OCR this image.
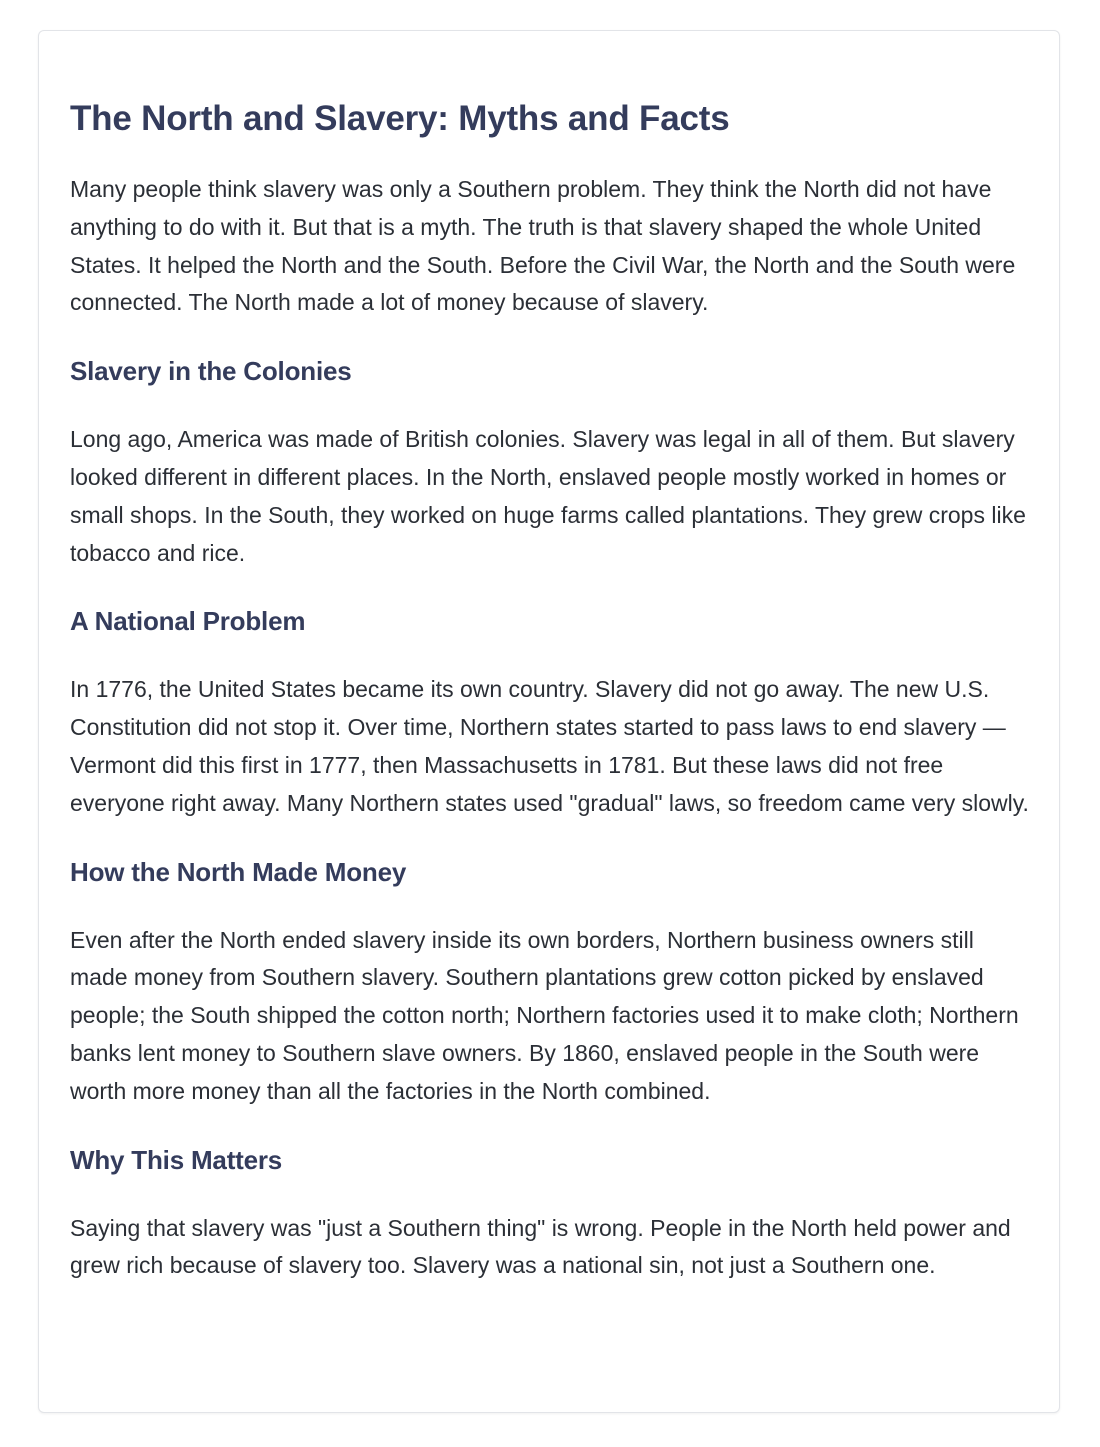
The North and Slavery: Myths and Facts

Many people think slavery was only a Southern problem. They think the North did not have anything to do with it. But that is a myth. The truth is that slavery shaped the whole United States. It helped the North and the South. Before the Civil War, the North and the South were connected. The North made a lot of money because of slavery.

Slavery in the Colonies

Long ago, America was made of British colonies. Slavery was legal in all of them. But slavery looked different in different places. In the North, enslaved people mostly worked in homes or small shops. In the South, they worked on huge farms called plantations. They grew crops like tobacco and rice.

A National Problem

In 1776, the United States became its own country. Slavery did not go away. The new U.S. Constitution did not stop it. Over time, Northern states started to pass laws to end slavery — Vermont did this first in 1777, then Massachusetts in 1781. But these laws did not free everyone right away. Many Northern states used "gradual" laws, so freedom came very slowly.

How the North Made Money

Even after the North ended slavery inside its own borders, Northern business owners still made money from Southern slavery. Southern plantations grew cotton picked by enslaved people; the South shipped the cotton north; Northern factories used it to make cloth; Northern banks lent money to Southern slave owners. By 1860, enslaved people in the South were worth more money than all the factories in the North combined.

Why This Matters

Saying that slavery was "just a Southern thing" is wrong. People in the North held power and grew rich because of slavery too. Slavery was a national sin, not just a Southern one.
